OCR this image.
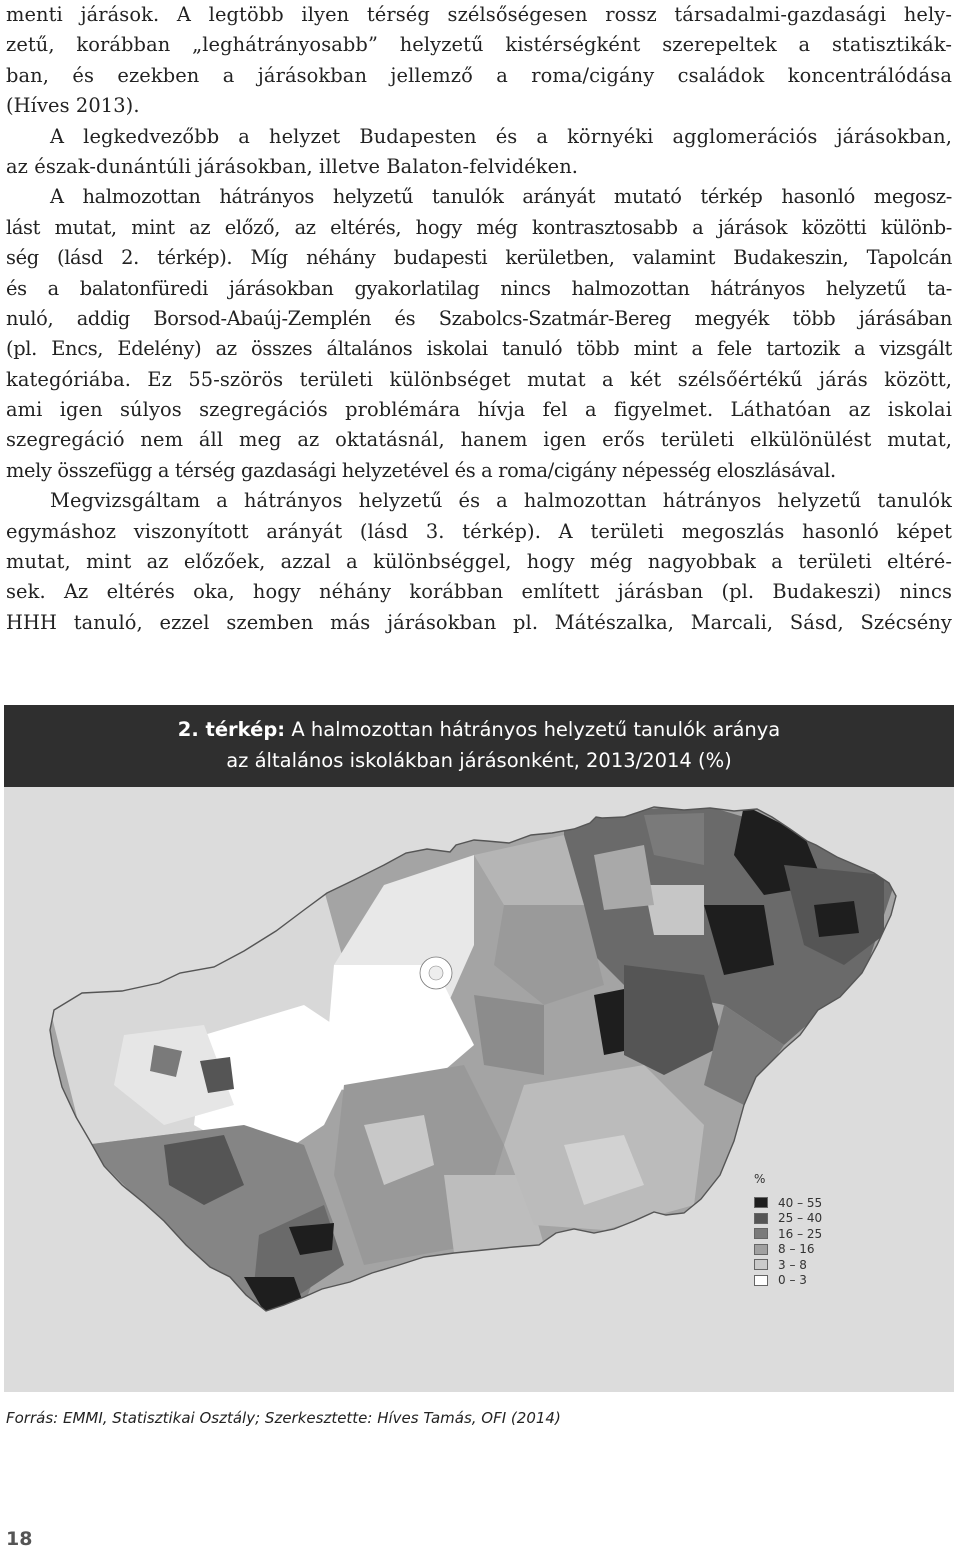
menti járások. A legtöbb ilyen térség szélsőségesen rossz társadalmi-gazdasági hely-
zetű, korábban „leghátrányosabb” helyzetű kistérségként szerepeltek a statisztikák-
ban, és ezekben a járásokban jellemző a roma/cigány családok koncentrálódása
(Híves 2013).
A legkedvezőbb a helyzet Budapesten és a környéki agglomerációs járásokban,
az észak-dunántúli járásokban, illetve Balaton-felvidéken.
A halmozottan hátrányos helyzetű tanulók arányát mutató térkép hasonló megosz-
lást mutat, mint az előző, az eltérés, hogy még kontrasztosabb a járások közötti különb-
ség (lásd 2. térkép). Míg néhány budapesti kerületben, valamint Budakeszin, Tapolcán
és a balatonfüredi járásokban gyakorlatilag nincs halmozottan hátrányos helyzetű ta-
nuló, addig Borsod-Abaúj-Zemplén és Szabolcs-Szatmár-Bereg megyék több járásában
(pl. Encs, Edelény) az összes általános iskolai tanuló több mint a fele tartozik a vizsgált
kategóriába. Ez 55-szörös területi különbséget mutat a két szélsőértékű járás között,
ami igen súlyos szegregációs problémára hívja fel a figyelmet. Láthatóan az iskolai
szegregáció nem áll meg az oktatásnál, hanem igen erős területi elkülönülést mutat,
mely összefügg a térség gazdasági helyzetével és a roma/cigány népesség eloszlásával.
Megvizsgáltam a hátrányos helyzetű és a halmozottan hátrányos helyzetű tanulók
egymáshoz viszonyított arányát (lásd 3. térkép). A területi megoszlás hasonló képet
mutat, mint az előzőek, azzal a különbséggel, hogy még nagyobbak a területi eltéré-
sek. Az eltérés oka, hogy néhány korábban említett járásban (pl. Budakeszi) nincs
HHH tanuló, ezzel szemben más járásokban pl. Mátészalka, Marcali, Sásd, Szécsény
2. térkép: A halmozottan hátrányos helyzetű tanulók aránya
az általános iskolákban járásonként, 2013/2014 (%)
%
40 – 55
25 – 40
16 – 25
8 – 16
3 – 8
0 – 3
Forrás: EMMI, Statisztikai Osztály; Szerkesztette: Híves Tamás, OFI (2014)
18
